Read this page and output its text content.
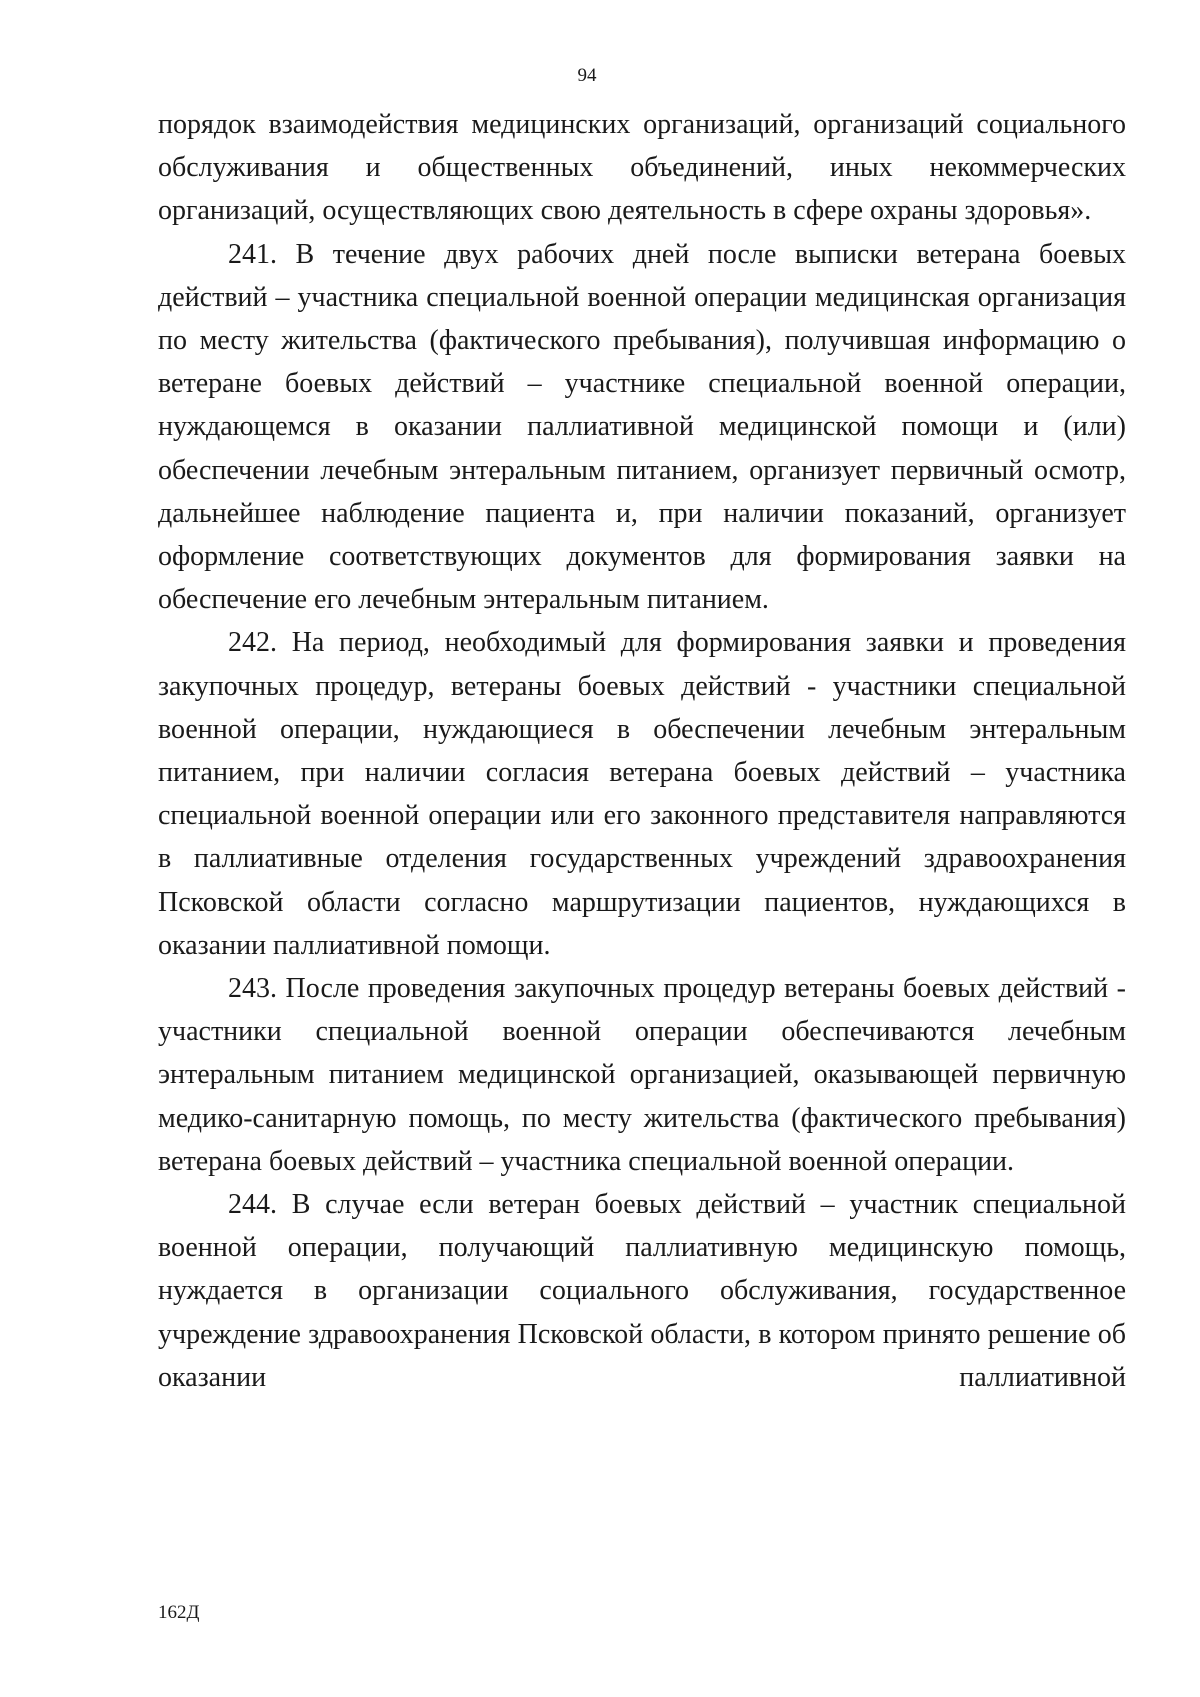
94

порядок взаимодействия медицинских организаций, организаций социального обслуживания и общественных объединений, иных некоммерческих организаций, осуществляющих свою деятельность в сфере охраны здоровья».

241. В течение двух рабочих дней после выписки ветерана боевых действий – участника специальной военной операции медицинская организация по месту жительства (фактического пребывания), получившая информацию о ветеране боевых действий – участнике специальной военной операции, нуждающемся в оказании паллиативной медицинской помощи и (или) обеспечении лечебным энтеральным питанием, организует первичный осмотр, дальнейшее наблюдение пациента и, при наличии показаний, организует оформление соответствующих документов для формирования заявки на обеспечение его лечебным энтеральным питанием.

242. На период, необходимый для формирования заявки и проведения закупочных процедур, ветераны боевых действий - участники специальной военной операции, нуждающиеся в обеспечении лечебным энтеральным питанием, при наличии согласия ветерана боевых действий – участника специальной военной операции или его законного представителя направляются в паллиативные отделения государственных учреждений здравоохранения Псковской области согласно маршрутизации пациентов, нуждающихся в оказании паллиативной помощи.

243. После проведения закупочных процедур ветераны боевых действий - участники специальной военной операции обеспечиваются лечебным энтеральным питанием медицинской организацией, оказывающей первичную медико-санитарную помощь, по месту жительства (фактического пребывания) ветерана боевых действий – участника специальной военной операции.

244. В случае если ветеран боевых действий – участник специальной военной операции, получающий паллиативную медицинскую помощь, нуждается в организации социального обслуживания, государственное учреждение здравоохранения Псковской области, в котором принято решение об оказании паллиативной

162Д
